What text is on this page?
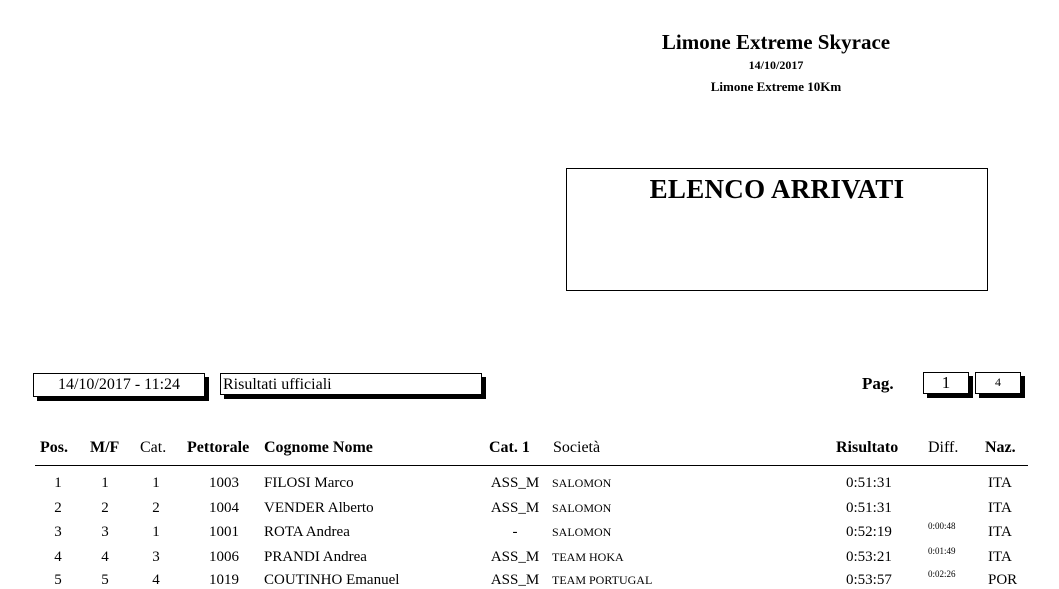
Limone Extreme Skyrace
14/10/2017
Limone Extreme 10Km
ELENCO ARRIVATI
14/10/2017 - 11:24	Risultati ufficiali	Pag.	1	4
Pos. M/F Cat. Pettorale Cognome Nome	Cat. 1 Società	Risultato Diff. Naz.
1	1	1	1003 FILOSI Marco	ASS_M SALOMON	0:51:31	ITA
2	2	2	1004 VENDER Alberto	ASS_M SALOMON	0:51:31	ITA
3	3	1	1001 ROTA Andrea	-	SALOMON	0:52:19	0:00:48 ITA
4	4	3	1006 PRANDI Andrea	ASS_M TEAM HOKA	0:53:21	0:01:49 ITA
5	5	4	1019 COUTINHO Emanuel	ASS_M TEAM PORTUGAL	0:53:57	0:02:26 POR
